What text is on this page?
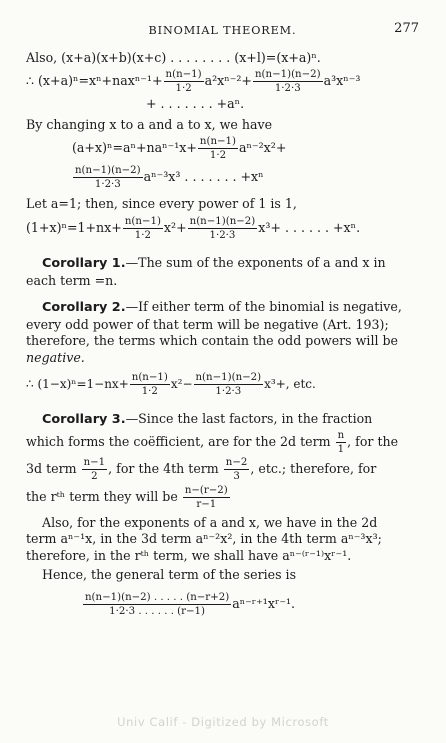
BINOMIAL THEOREM.	277
Also, (x+a)(x+b)(x+c) . . . . . . . . (x+l)=(x+a)ⁿ.
∴ $(x+a)^n=x^n+nax^{n-1}+ \frac{n(n-1)}{1\cdot 2} a^2x^{n-2}+ \frac{n(n-1)(n-2)}{1\cdot 2\cdot 3} a^3x^{n-3}$
+ . . . . . . . +aⁿ.
By changing x to a and a to x, we have
$(a+x)^n=a^n+na^{n-1}x+ \frac{n(n-1)}{1\cdot 2} a^{n-2}x^2+$
$\frac{n(n-1)(n-2)}{1\cdot 2\cdot 3} a^{n-3}x^3$ . . . . . . . +xⁿ
Let a=1; then, since every power of 1 is 1,
$(1+x)^n=1+nx+ \frac{n(n-1)}{1\cdot 2} x^2+ \frac{n(n-1)(n-2)}{1\cdot 2\cdot 3} x^3+$ . . . . . . +xⁿ.

Corollary 1.—The sum of the exponents of a and x in

each term =n.

Corollary 2.—If either term of the binomial is negative,

every odd power of that term will be negative (Art. 193);

therefore, the terms which contain the odd powers will be

negative.

∴ $(1-x)^n=1-nx+ \frac{n(n-1)}{1\cdot 2} x^2- \frac{n(n-1)(n-2)}{1\cdot 2\cdot 3} x^3+$, etc.

Corollary 3.—Since the last factors, in the fraction

which forms the coëfficient, are for the 2d term $\frac{n}{1}$ , for the

3d term $\frac{n-1}{2}$ , for the 4th term $\frac{n-2}{3}$ , etc.; therefore, for

the rᵗʰ term they will be $\frac{n-(r-2)}{r-1}$

Also, for the exponents of a and x, we have in the 2d

term aⁿ⁻¹x, in the 3d term aⁿ⁻²x², in the 4th term aⁿ⁻³x³;

therefore, in the rᵗʰ term, we shall have aⁿ⁻⁽ʳ⁻¹⁾xʳ⁻¹.

Hence, the general term of the series is

$\frac{n(n-1)(n-2) . . . . . (n-r+2)}{1\cdot 2\cdot 3 . . . . . . (r-1)}$ aⁿ⁻ʳ⁺¹xʳ⁻¹.
Univ Calif - Digitized by Microsoft
